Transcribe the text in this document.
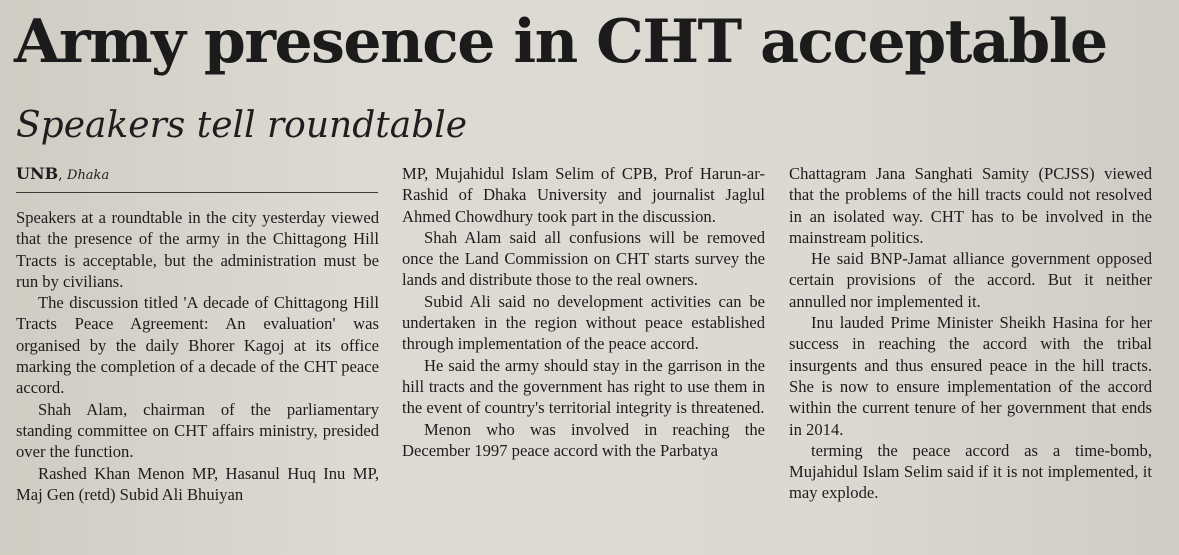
Army presence in CHT acceptable
Speakers tell roundtable
UNB, Dhaka

Speakers at a roundtable in the city yesterday viewed that the presence of the army in the Chittagong Hill Tracts is acceptable, but the administration must be run by civilians.

The discussion titled 'A decade of Chittagong Hill Tracts Peace Agreement: An evaluation' was organised by the daily Bhorer Kagoj at its office marking the completion of a decade of the CHT peace accord.

Shah Alam, chairman of the parliamentary standing committee on CHT affairs ministry, presided over the function.

Rashed Khan Menon MP, Hasanul Huq Inu MP, Maj Gen (retd) Subid Ali Bhuiyan

MP, Mujahidul Islam Selim of CPB, Prof Harun-ar-Rashid of Dhaka University and journalist Jaglul Ahmed Chowdhury took part in the discussion.

Shah Alam said all confusions will be removed once the Land Commission on CHT starts survey the lands and distribute those to the real owners.

Subid Ali said no development activities can be undertaken in the region without peace established through implementation of the peace accord.

He said the army should stay in the garrison in the hill tracts and the government has right to use them in the event of country's territorial integrity is threatened.

Menon who was involved in reaching the December 1997 peace accord with the Parbatya

Chattagram Jana Sanghati Samity (PCJSS) viewed that the problems of the hill tracts could not resolved in an isolated way. CHT has to be involved in the mainstream politics.

He said BNP-Jamat alliance government opposed certain provisions of the accord. But it neither annulled nor implemented it.

Inu lauded Prime Minister Sheikh Hasina for her success in reaching the accord with the tribal insurgents and thus ensured peace in the hill tracts. She is now to ensure implementation of the accord within the current tenure of her government that ends in 2014.

terming the peace accord as a time-bomb, Mujahidul Islam Selim said if it is not implemented, it may explode.
